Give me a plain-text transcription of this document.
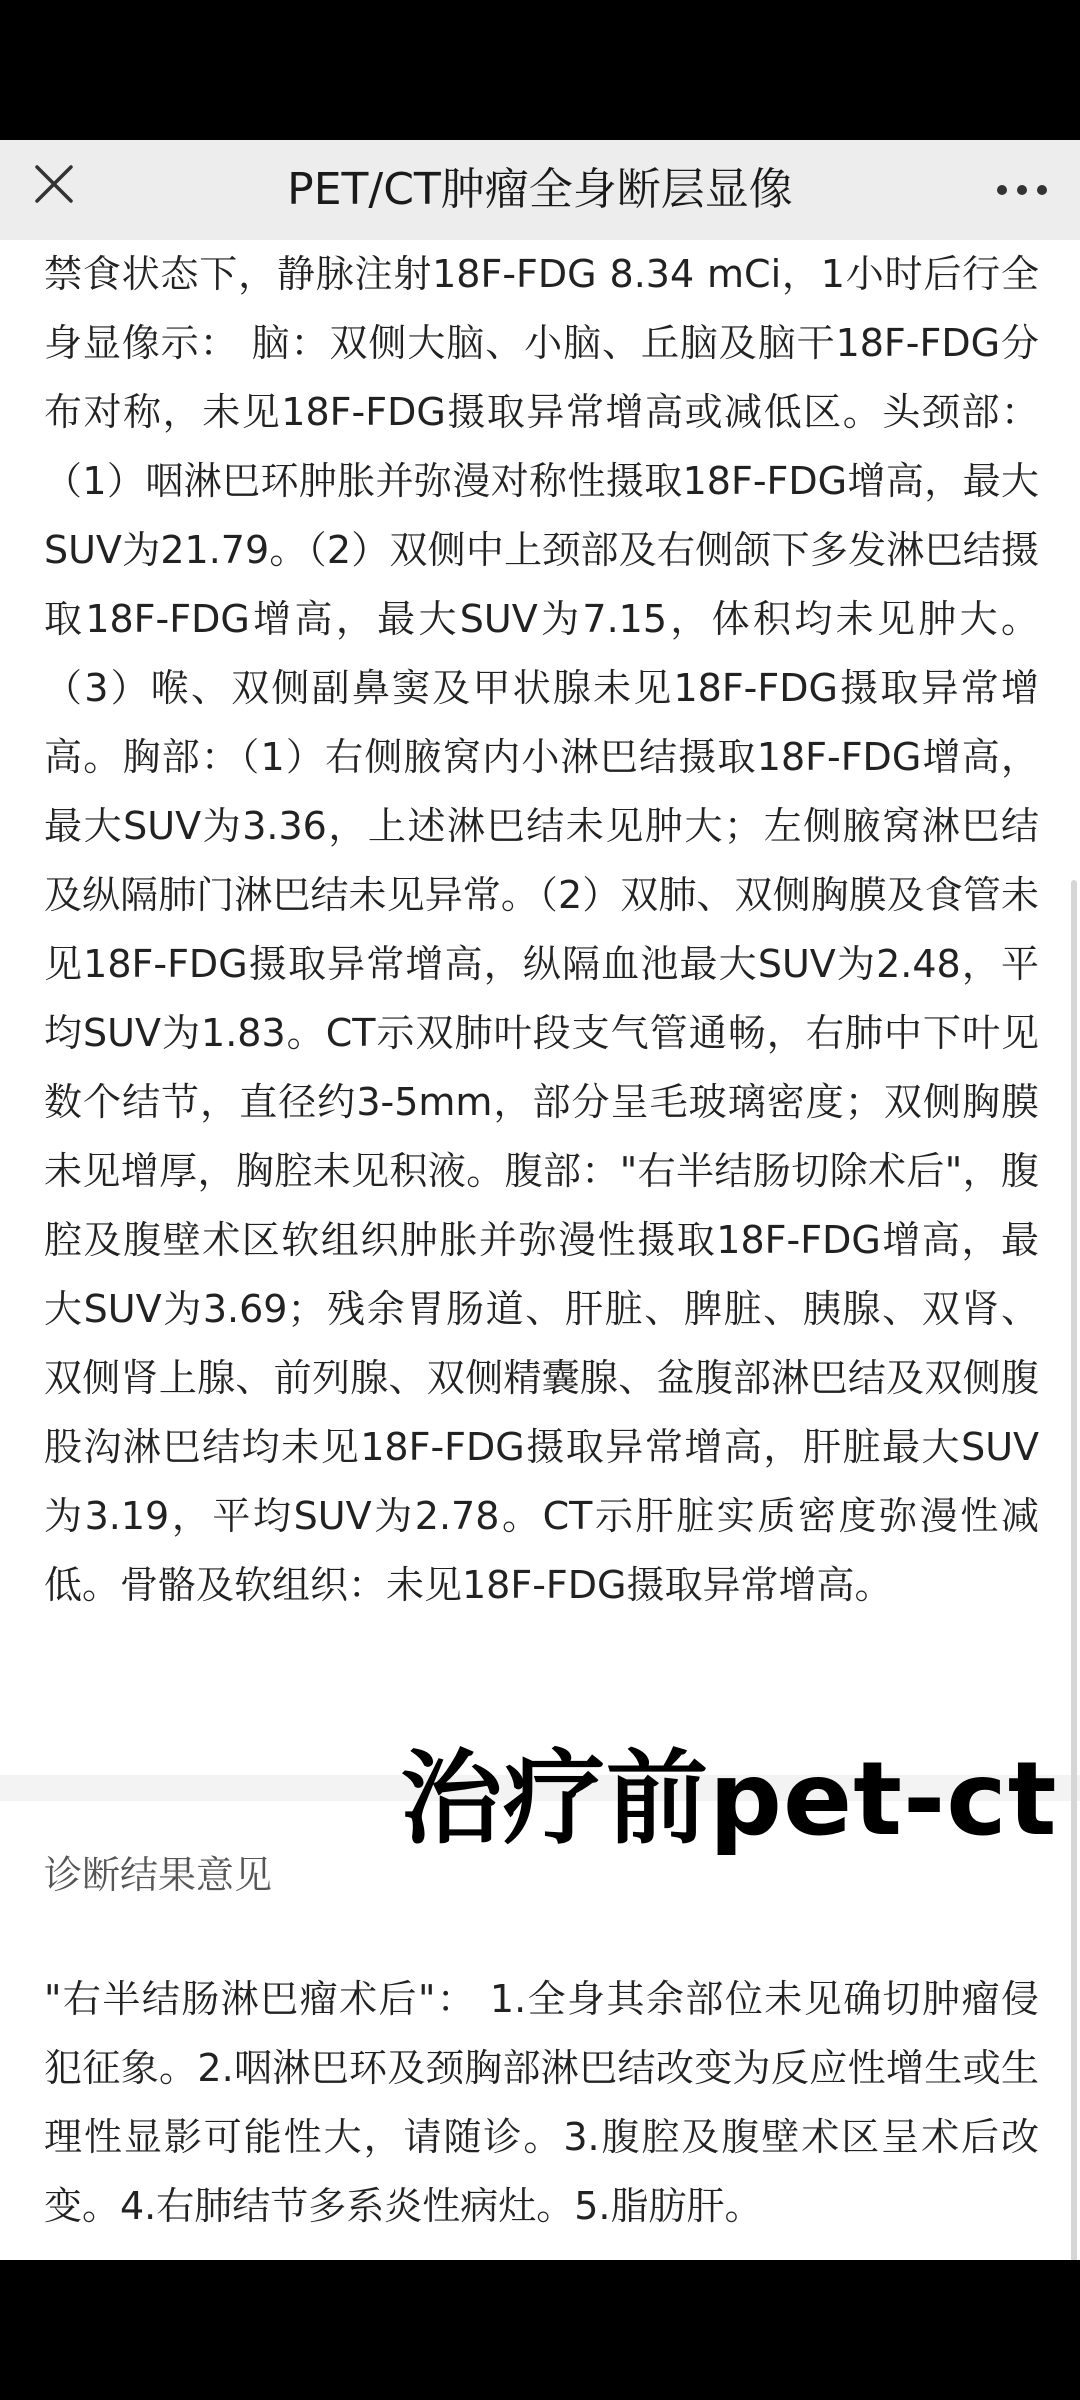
PET/CT肿瘤全身断层显像

禁食状态下，静脉注射18F-FDG 8.34 mCi，1小时后行全身显像示： 脑：双侧大脑、小脑、丘脑及脑干18F-FDG分布对称，未见18F-FDG摄取异常增高或减低区。头颈部：（1）咽淋巴环肿胀并弥漫对称性摄取18F-FDG增高，最大SUV为21.79。（2）双侧中上颈部及右侧颌下多发淋巴结摄取18F-FDG增高，最大SUV为7.15，体积均未见肿大。（3）喉、双侧副鼻窦及甲状腺未见18F-FDG摄取异常增高。胸部：（1）右侧腋窝内小淋巴结摄取18F-FDG增高，最大SUV为3.36，上述淋巴结未见肿大；左侧腋窝淋巴结及纵隔肺门淋巴结未见异常。（2）双肺、双侧胸膜及食管未见18F-FDG摄取异常增高，纵隔血池最大SUV为2.48，平均SUV为1.83。CT示双肺叶段支气管通畅，右肺中下叶见数个结节，直径约3-5mm，部分呈毛玻璃密度；双侧胸膜未见增厚，胸腔未见积液。腹部："右半结肠切除术后"，腹腔及腹壁术区软组织肿胀并弥漫性摄取18F-FDG增高，最大SUV为3.69；残余胃肠道、肝脏、脾脏、胰腺、双肾、双侧肾上腺、前列腺、双侧精囊腺、盆腹部淋巴结及双侧腹股沟淋巴结均未见18F-FDG摄取异常增高，肝脏最大SUV为3.19，平均SUV为2.78。CT示肝脏实质密度弥漫性减低。骨骼及软组织：未见18F-FDG摄取异常增高。

治疗前pet-ct
诊断结果意见

"右半结肠淋巴瘤术后"： 1.全身其余部位未见确切肿瘤侵犯征象。2.咽淋巴环及颈胸部淋巴结改变为反应性增生或生理性显影可能性大，请随诊。3.腹腔及腹壁术区呈术后改变。4.右肺结节多系炎性病灶。5.脂肪肝。
